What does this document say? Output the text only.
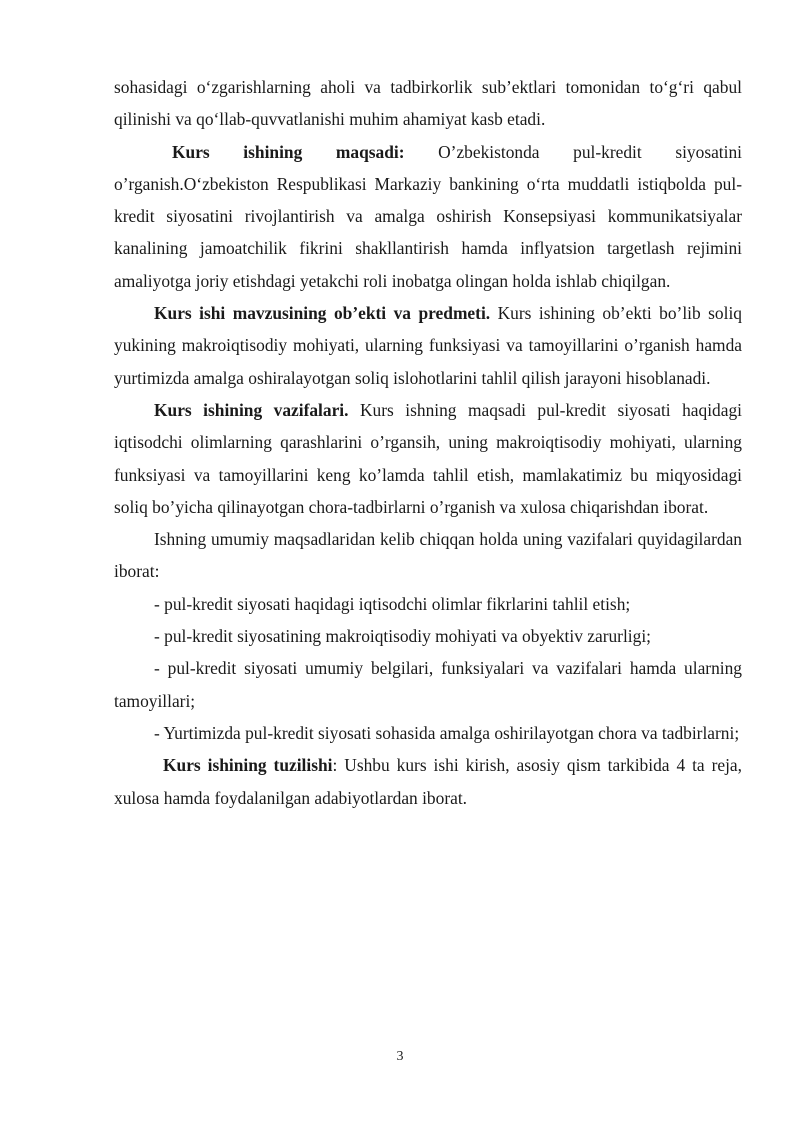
sohasidagi o‘zgarishlarning aholi va tadbirkorlik sub’ektlari tomonidan to‘g‘ri qabul qilinishi va qo‘llab-quvvatlanishi muhim ahamiyat kasb etadi.

Kurs ishining maqsadi: O’zbekistonda pul-kredit siyosatini o’rganish.O‘zbekiston Respublikasi Markaziy bankining o‘rta muddatli istiqbolda pul-kredit siyosatini rivojlantirish va amalga oshirish Konsepsiyasi kommunikatsiyalar kanalining jamoatchilik fikrini shakllantirish hamda inflyatsion targetlash rejimini amaliyotga joriy etishdagi yetakchi roli inobatga olingan holda ishlab chiqilgan.

Kurs ishi mavzusining ob’ekti va predmeti. Kurs ishining ob’ekti bo’lib soliq yukining makroiqtisodiy mohiyati, ularning funksiyasi va tamoyillarini o’rganish hamda yurtimizda amalga oshiralayotgan soliq islohotlarini tahlil qilish jarayoni hisoblanadi.

Kurs ishining vazifalari. Kurs ishning maqsadi pul-kredit siyosati haqidagi iqtisodchi olimlarning qarashlarini o’rgansih, uning makroiqtisodiy mohiyati, ularning funksiyasi va tamoyillarini keng ko’lamda tahlil etish, mamlakatimiz bu miqyosidagi soliq bo’yicha qilinayotgan chora-tadbirlarni o’rganish va xulosa chiqarishdan iborat.

Ishning umumiy maqsadlaridan kelib chiqqan holda uning vazifalari quyidagilardan iborat:

- pul-kredit siyosati haqidagi iqtisodchi olimlar fikrlarini tahlil etish;

- pul-kredit siyosatining makroiqtisodiy mohiyati va obyektiv zarurligi;

- pul-kredit siyosati umumiy belgilari, funksiyalari va vazifalari hamda ularning tamoyillari;

- Yurtimizda pul-kredit siyosati sohasida amalga oshirilayotgan chora va tadbirlarni;

Kurs ishining tuzilishi: Ushbu kurs ishi kirish, asosiy qism tarkibida 4 ta reja, xulosa hamda foydalanilgan adabiyotlardan iborat.

3
